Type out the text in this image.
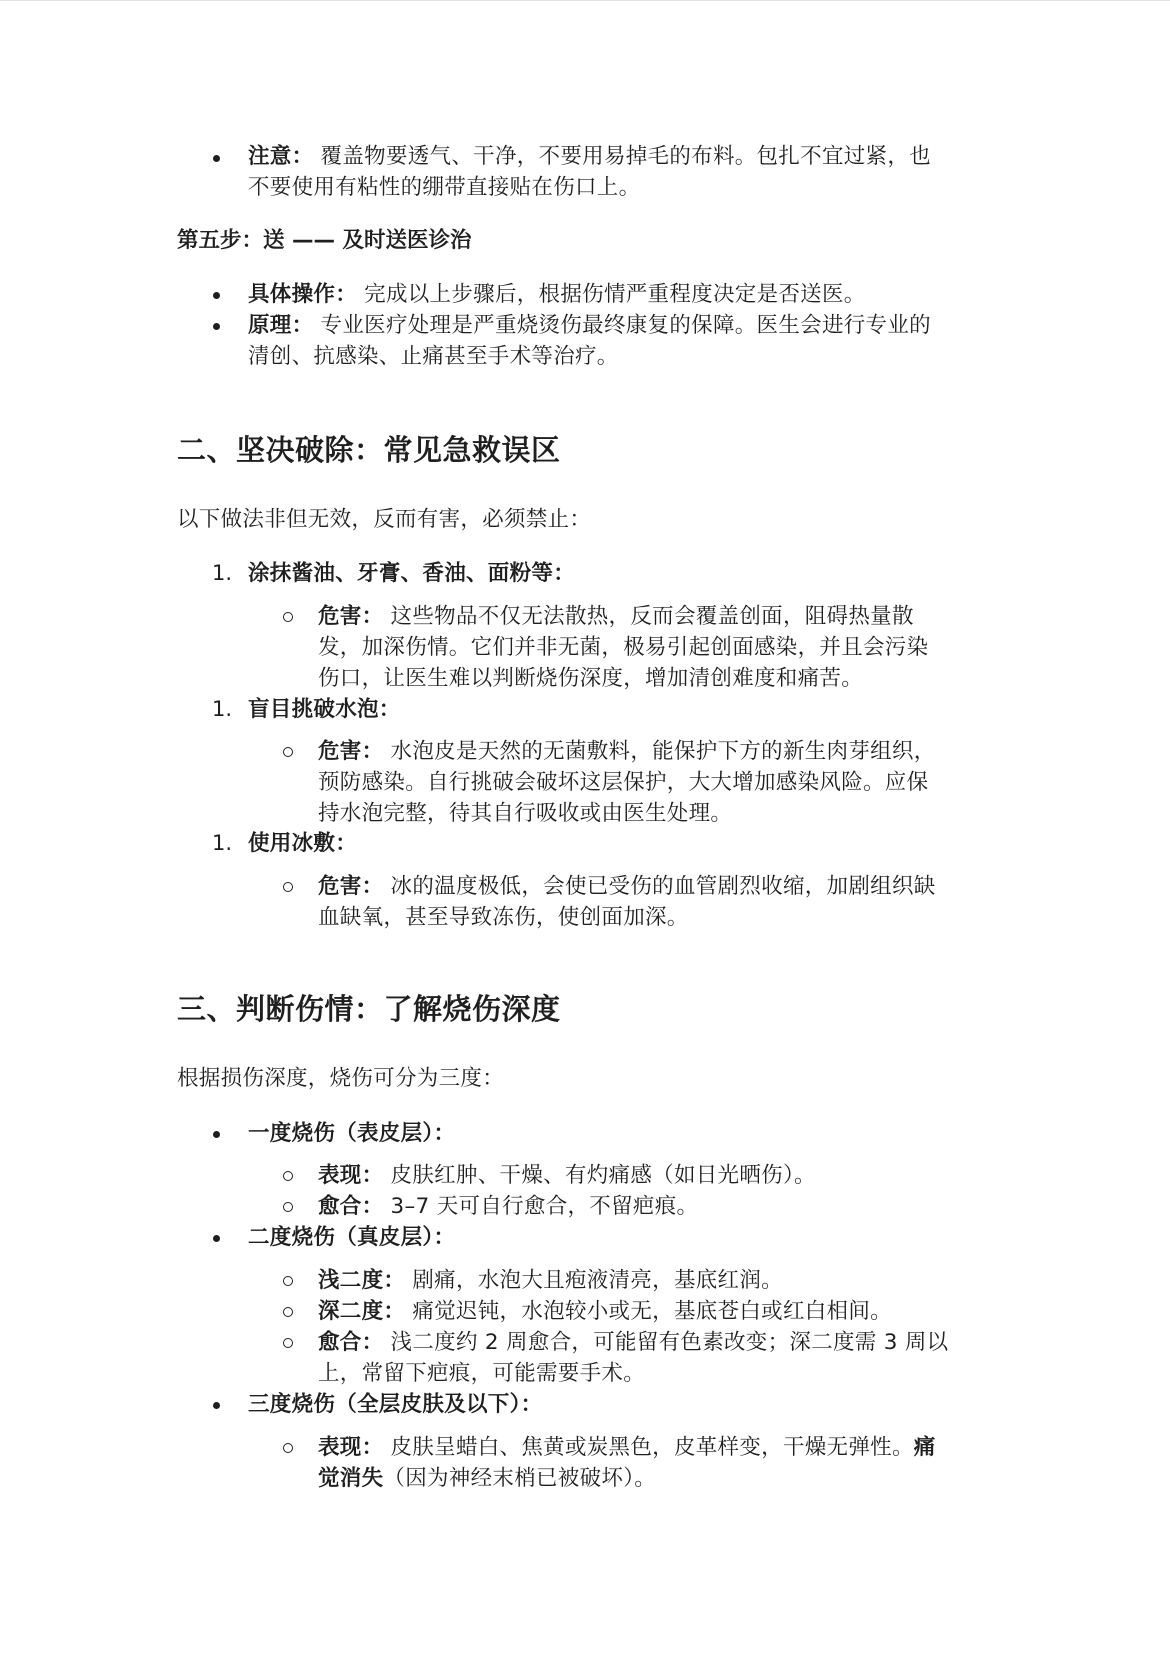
注意： 覆盖物要透气、干净，不要用易掉毛的布料。包扎不宜过紧，也
不要使用有粘性的绷带直接贴在伤口上。
第五步：送 —— 及时送医诊治
具体操作： 完成以上步骤后，根据伤情严重程度决定是否送医。
原理： 专业医疗处理是严重烧烫伤最终康复的保障。医生会进行专业的
清创、抗感染、止痛甚至手术等治疗。
二、坚决破除：常见急救误区
以下做法非但无效，反而有害，必须禁止：
1. 涂抹酱油、牙膏、香油、面粉等：
危害： 这些物品不仅无法散热，反而会覆盖创面，阻碍热量散
发，加深伤情。它们并非无菌，极易引起创面感染，并且会污染
伤口，让医生难以判断烧伤深度，增加清创难度和痛苦。
1. 盲目挑破水泡：
危害： 水泡皮是天然的无菌敷料，能保护下方的新生肉芽组织，
预防感染。自行挑破会破坏这层保护，大大增加感染风险。应保
持水泡完整，待其自行吸收或由医生处理。
1. 使用冰敷：
危害： 冰的温度极低，会使已受伤的血管剧烈收缩，加剧组织缺
血缺氧，甚至导致冻伤，使创面加深。
三、判断伤情：了解烧伤深度
根据损伤深度，烧伤可分为三度：
一度烧伤（表皮层）：
表现： 皮肤红肿、干燥、有灼痛感（如日光晒伤）。
愈合： 3–7 天可自行愈合，不留疤痕。
二度烧伤（真皮层）：
浅二度： 剧痛，水泡大且疱液清亮，基底红润。
深二度： 痛觉迟钝，水泡较小或无，基底苍白或红白相间。
愈合： 浅二度约 2 周愈合，可能留有色素改变；深二度需 3 周以
上，常留下疤痕，可能需要手术。
三度烧伤（全层皮肤及以下）：
表现： 皮肤呈蜡白、焦黄或炭黑色，皮革样变，干燥无弹性。痛
觉消失（因为神经末梢已被破坏）。
